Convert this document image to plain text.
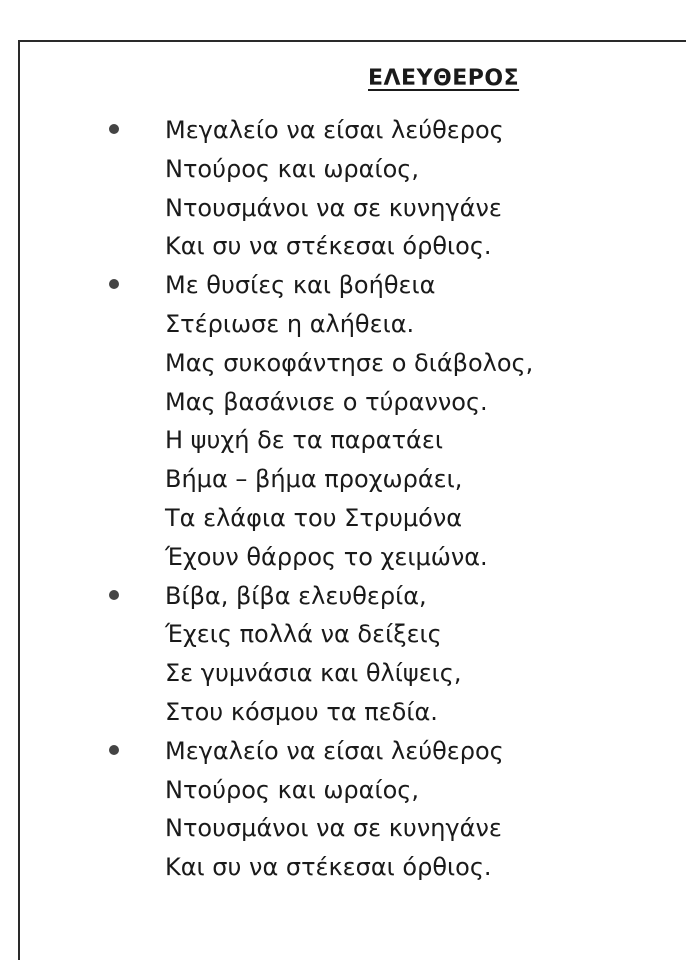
ΕΛΕΥΘΕΡΟΣ
Μεγαλείο να είσαι λεύθερος
Ντούρος και ωραίος,
Ντουσμάνοι να σε κυνηγάνε
Και συ να στέκεσαι όρθιος.
Με θυσίες και βοήθεια
Στέριωσε η αλήθεια.
Μας συκοφάντησε ο διάβολος,
Μας βασάνισε ο τύραννος.
Η ψυχή δε τα παρατάει
Βήμα – βήμα προχωράει,
Τα ελάφια του Στρυμόνα
Έχουν θάρρος το χειμώνα.
Βίβα, βίβα ελευθερία,
Έχεις πολλά να δείξεις
Σε γυμνάσια και θλίψεις,
Στου κόσμου τα πεδία.
Μεγαλείο να είσαι λεύθερος
Ντούρος και ωραίος,
Ντουσμάνοι να σε κυνηγάνε
Και συ να στέκεσαι όρθιος.
